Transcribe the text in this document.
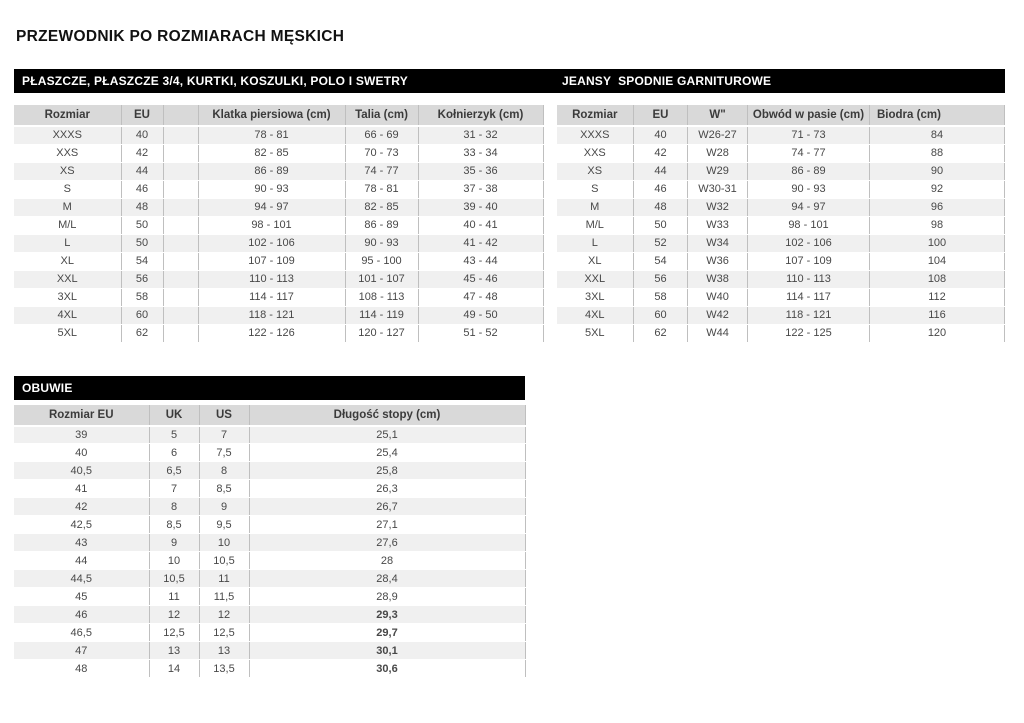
PRZEWODNIK PO ROZMIARACH MĘSKICH
PŁASZCZE, PŁASZCZE 3/4, KURTKI, KOSZULKI, POLO I SWETRY	JEANSY  SPODNIE GARNITUROWE
Rozmiar	EU		Klatka piersiowa (cm)	Talia (cm)	Kołnierzyk (cm)
XXXS	40		78 - 81	66 - 69	31 - 32
XXS	42		82 - 85	70 - 73	33 - 34
XS	44		86 - 89	74 - 77	35 - 36
S	46		90 - 93	78 - 81	37 - 38
M	48		94 - 97	82 - 85	39 - 40
M/L	50		98 - 101	86 - 89	40 - 41
L	50		102 - 106	90 - 93	41 - 42
XL	54		107 - 109	95 - 100	43 - 44
XXL	56		110 - 113	101 - 107	45 - 46
3XL	58		114 - 117	108 - 113	47 - 48
4XL	60		118 - 121	114 - 119	49 - 50
5XL	62		122 - 126	120 - 127	51 - 52
Rozmiar	EU	W"	Obwód w pasie (cm)	Biodra (cm)
XXXS	40	W26-27	71 - 73	84
XXS	42	W28	74 - 77	88
XS	44	W29	86 - 89	90
S	46	W30-31	90 - 93	92
M	48	W32	94 - 97	96
M/L	50	W33	98 - 101	98
L	52	W34	102 - 106	100
XL	54	W36	107 - 109	104
XXL	56	W38	110 - 113	108
3XL	58	W40	114 - 117	112
4XL	60	W42	118 - 121	116
5XL	62	W44	122 - 125	120
OBUWIE
Rozmiar EU	UK	US	Długość stopy (cm)
39	5	7	25,1
40	6	7,5	25,4
40,5	6,5	8	25,8
41	7	8,5	26,3
42	8	9	26,7
42,5	8,5	9,5	27,1
43	9	10	27,6
44	10	10,5	28
44,5	10,5	11	28,4
45	11	11,5	28,9
46	12	12	29,3
46,5	12,5	12,5	29,7
47	13	13	30,1
48	14	13,5	30,6
